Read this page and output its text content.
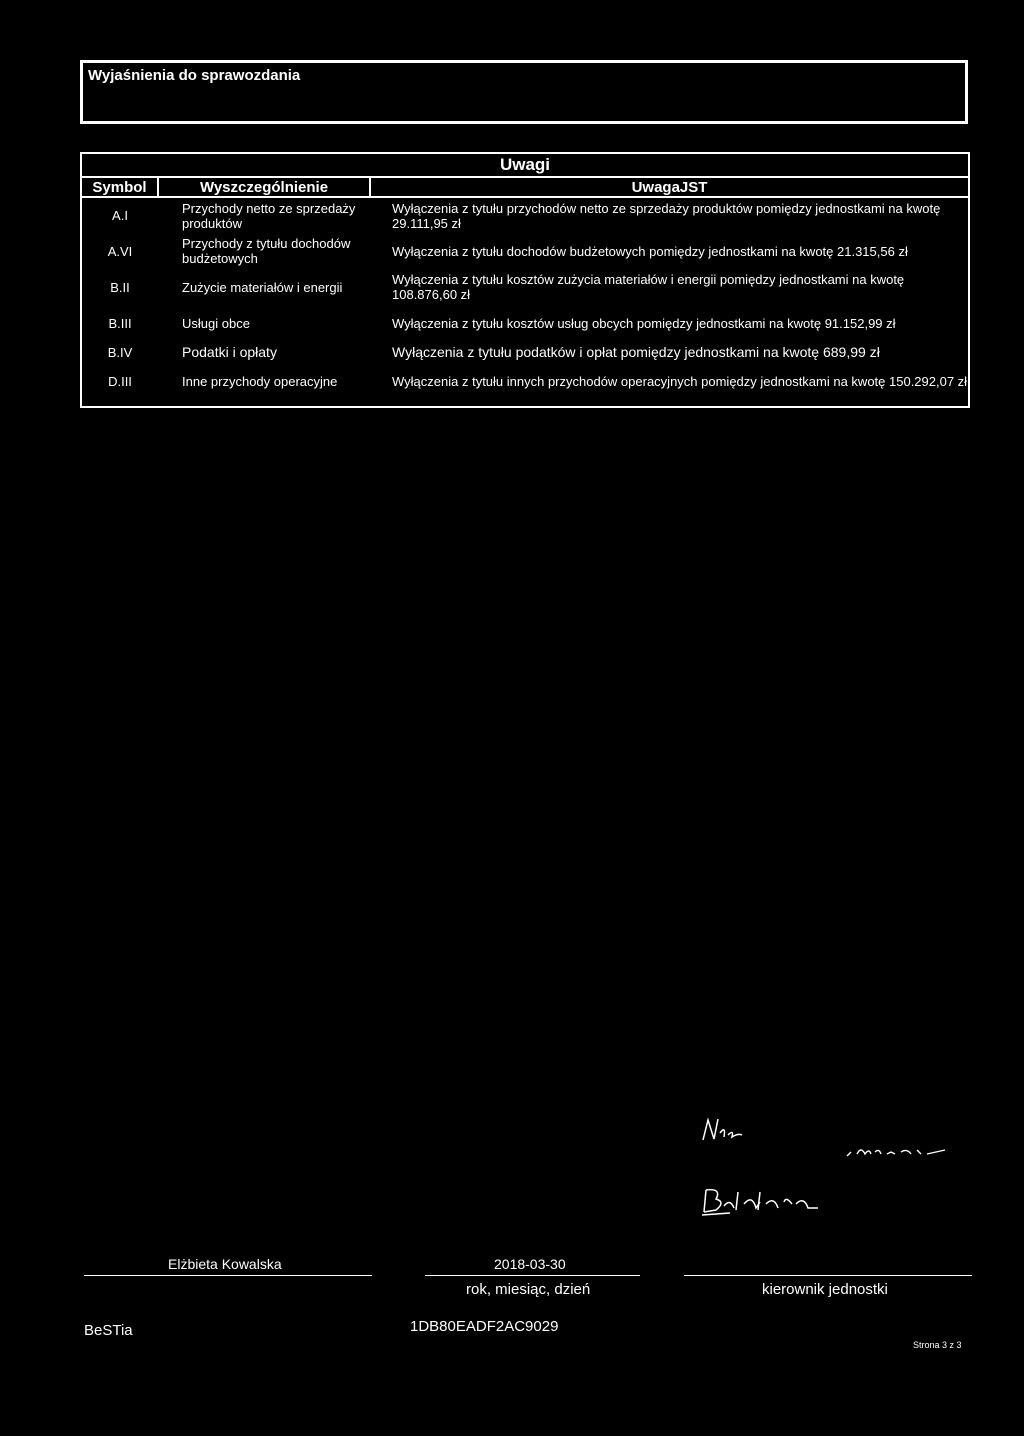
Wyjaśnienia do sprawozdania
Uwagi		
Symbol	Wyszczególnienie	UwagaJST
A.I	Przychody netto ze sprzedaży produktów	Wyłączenia z tytułu przychodów netto ze sprzedaży produktów pomiędzy jednostkami na kwotę 29.111,95 zł
A.VI	Przychody z tytułu dochodów budżetowych	Wyłączenia z tytułu dochodów budżetowych pomiędzy jednostkami na kwotę 21.315,56 zł
B.II	Zużycie materiałów i energii	Wyłączenia z tytułu kosztów zużycia materiałów i energii pomiędzy jednostkami na kwotę 108.876,60 zł
B.III	Usługi obce	Wyłączenia z tytułu kosztów usług obcych pomiędzy jednostkami na kwotę 91.152,99 zł
B.IV	Podatki i opłaty	Wyłączenia z tytułu podatków i opłat pomiędzy jednostkami na kwotę 689,99 zł
D.III	Inne przychody operacyjne	Wyłączenia z tytułu innych przychodów operacyjnych pomiędzy jednostkami na kwotę 150.292,07 zł
Elżbieta Kowalska	2018-03-30
rok, miesiąc, dzień	kierownik jednostki
BeSTia	1DB80EADF2AC9029
Strona 3 z 3
